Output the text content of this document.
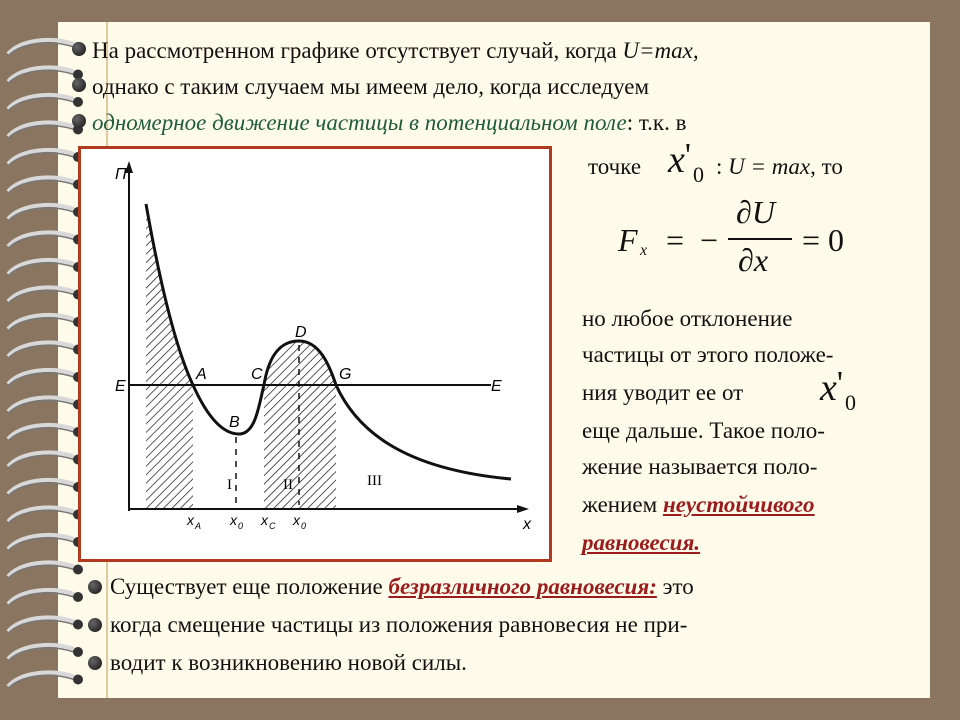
На рассмотренном графике отсутствует случай, когда U=max,
однако с таким случаем мы имеем дело, когда исследуем
одномерное движение частицы в потенциальном поле: т.к. в
точке $x'_0$ : U = max, то
F x = −
∂U
∂x
= 0
но любое отклонение
частицы от этого положе-
ния уводит ее от $x'_0$
еще дальше. Такое поло-
жение называется поло-
жением неустойчивого
равновесия.
Существует еще положение безразличного равновесия: это
когда смещение частицы из положения равновесия не при-
водит к возникновению новой силы.
П
x
E	E
A
B
C
D
G
I	II	III
x A x 0 x C x 0
